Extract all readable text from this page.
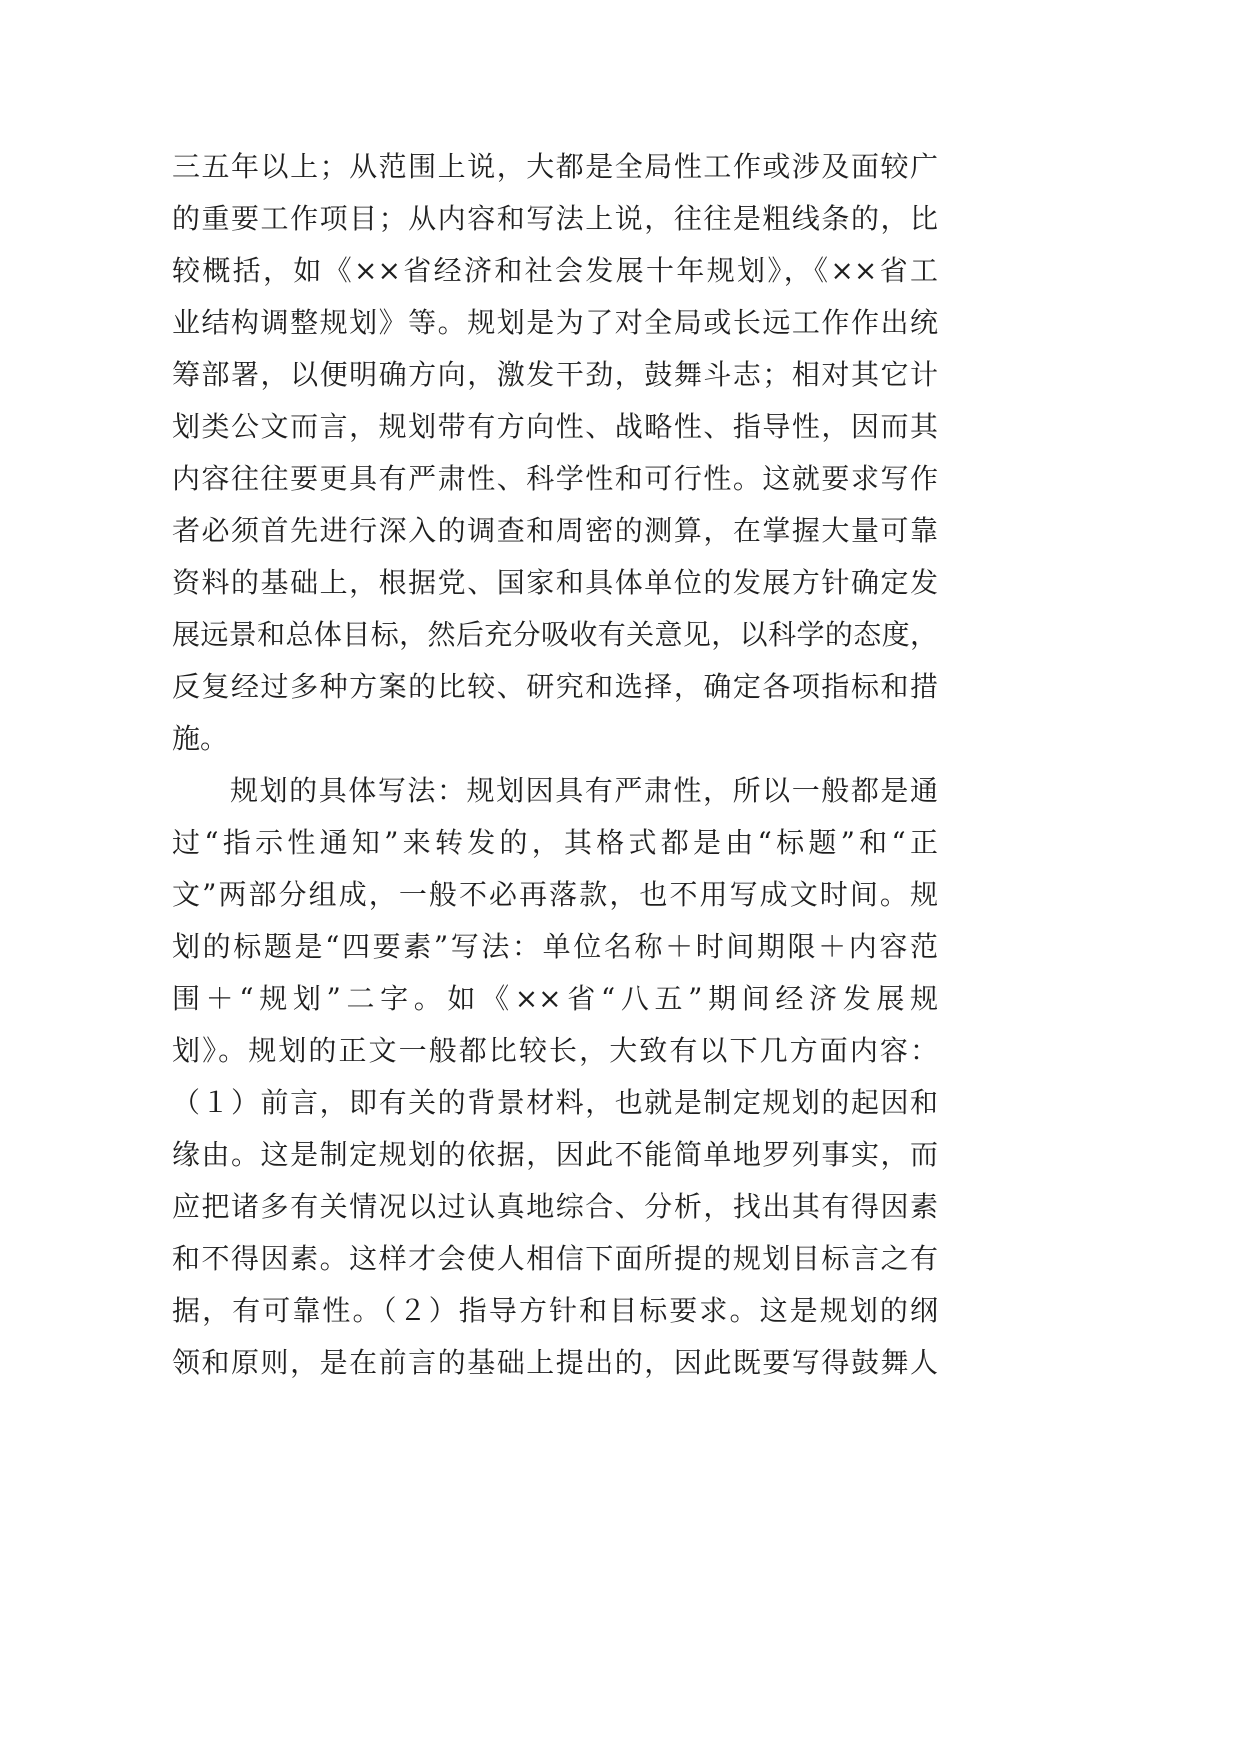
三五年以上；从范围上说，大都是全局性工作或涉及面较广
的重要工作项目；从内容和写法上说，往往是粗线条的，比
较概括，如《××省经济和社会发展十年规划》，《××省工
业结构调整规划》等。规划是为了对全局或长远工作作出统
筹部署，以便明确方向，激发干劲，鼓舞斗志；相对其它计
划类公文而言，规划带有方向性、战略性、指导性，因而其
内容往往要更具有严肃性、科学性和可行性。这就要求写作
者必须首先进行深入的调查和周密的测算，在掌握大量可靠
资料的基础上，根据党、国家和具体单位的发展方针确定发
展远景和总体目标，然后充分吸收有关意见，以科学的态度，
反复经过多种方案的比较、研究和选择，确定各项指标和措
施。
规划的具体写法：规划因具有严肃性，所以一般都是通
过“指示性通知”来转发的，其格式都是由“标题”和“正
文”两部分组成，一般不必再落款，也不用写成文时间。规
划的标题是“四要素”写法：单位名称＋时间期限＋内容范
围＋“规划”二字。如《××省“八五”期间经济发展规
划》。规划的正文一般都比较长，大致有以下几方面内容：
（１）前言，即有关的背景材料，也就是制定规划的起因和
缘由。这是制定规划的依据，因此不能简单地罗列事实，而
应把诸多有关情况以过认真地综合、分析，找出其有得因素
和不得因素。这样才会使人相信下面所提的规划目标言之有
据，有可靠性。（２）指导方针和目标要求。这是规划的纲
领和原则，是在前言的基础上提出的，因此既要写得鼓舞人
